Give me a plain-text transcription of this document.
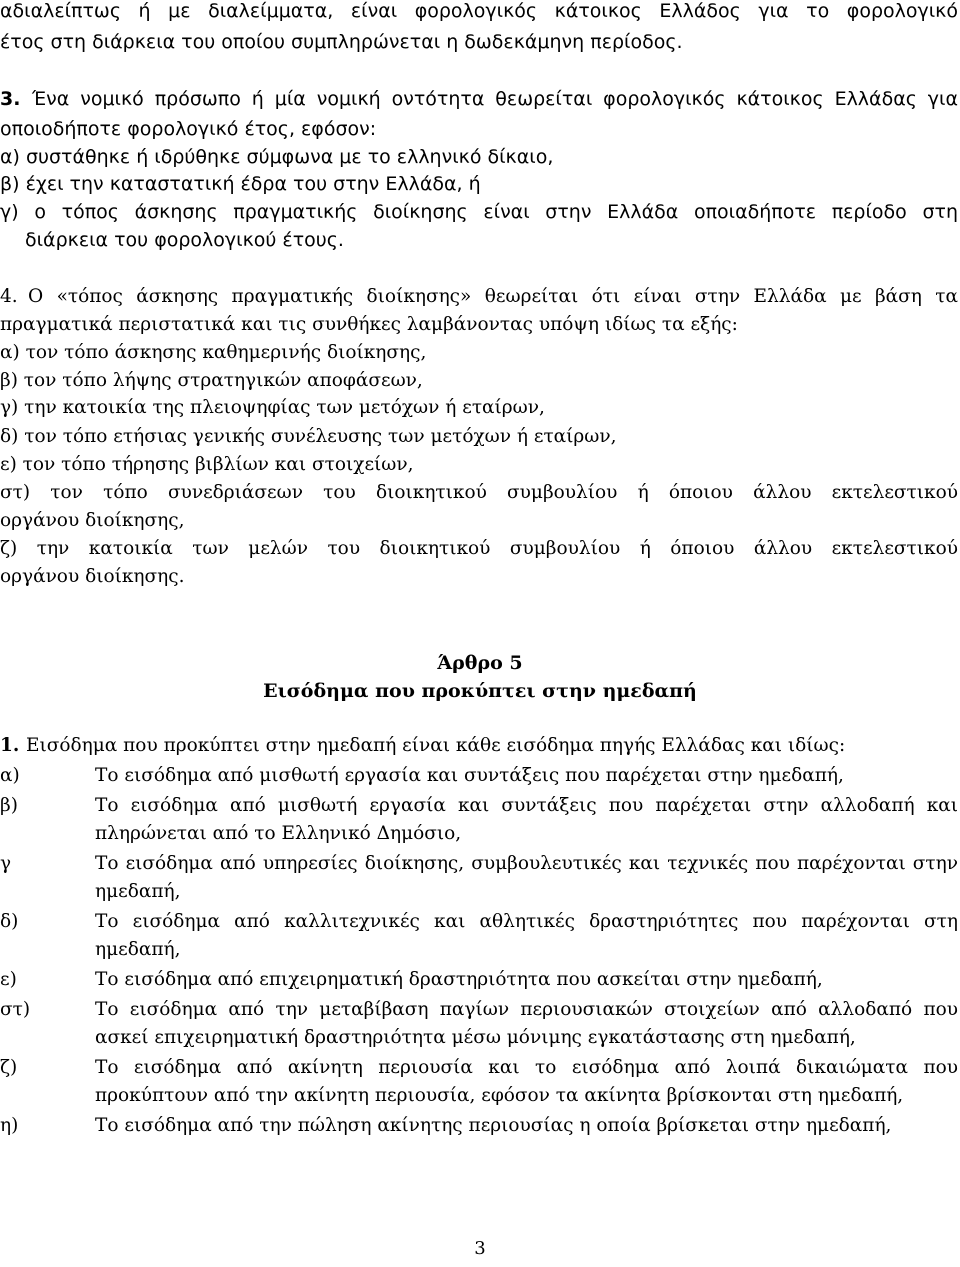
αδιαλείπτως ή με διαλείμματα, είναι φορολογικός κάτοικος Ελλάδος για το φορολογικό
έτος στη διάρκεια του οποίου συμπληρώνεται η δωδεκάμηνη περίοδος.
3. Ένα νομικό πρόσωπο ή μία νομική οντότητα θεωρείται φορολογικός κάτοικος Ελλάδας για
οποιοδήποτε φορολογικό έτος, εφόσον:
α) συστάθηκε ή ιδρύθηκε σύμφωνα με το ελληνικό δίκαιο,
β) έχει την καταστατική έδρα του στην Ελλάδα, ή
γ) ο τόπος άσκησης πραγματικής διοίκησης είναι στην Ελλάδα οποιαδήποτε περίοδο στη
διάρκεια του φορολογικού έτους.
4. Ο «τόπος άσκησης πραγματικής διοίκησης» θεωρείται ότι είναι στην Ελλάδα με βάση τα
πραγματικά περιστατικά και τις συνθήκες λαμβάνοντας υπόψη ιδίως τα εξής:
α) τον τόπο άσκησης καθημερινής διοίκησης,
β) τον τόπο λήψης στρατηγικών αποφάσεων,
γ) την κατοικία της πλειοψηφίας των μετόχων ή εταίρων,
δ) τον τόπο ετήσιας γενικής συνέλευσης των μετόχων ή εταίρων,
ε) τον τόπο τήρησης βιβλίων και στοιχείων,
στ) τον τόπο συνεδριάσεων του διοικητικού συμβουλίου ή όποιου άλλου εκτελεστικού
οργάνου διοίκησης,
ζ) την κατοικία των μελών του διοικητικού συμβουλίου ή όποιου άλλου εκτελεστικού
οργάνου διοίκησης.
Άρθρο 5
Εισόδημα που προκύπτει στην ημεδαπή
1. Εισόδημα που προκύπτει στην ημεδαπή είναι κάθε εισόδημα πηγής Ελλάδας και ιδίως:
α)	Το εισόδημα από μισθωτή εργασία και συντάξεις που παρέχεται στην ημεδαπή,
β)	Το εισόδημα από μισθωτή εργασία και συντάξεις που παρέχεται στην αλλοδαπή και πληρώνεται από το Ελληνικό Δημόσιο,
γ	Το εισόδημα από υπηρεσίες διοίκησης, συμβουλευτικές και τεχνικές που παρέχονται στην ημεδαπή,
δ)	Το εισόδημα από καλλιτεχνικές και αθλητικές δραστηριότητες που παρέχονται στη ημεδαπή,
ε)	Το εισόδημα από επιχειρηματική δραστηριότητα που ασκείται στην ημεδαπή,
στ)	Το εισόδημα από την μεταβίβαση παγίων περιουσιακών στοιχείων από αλλοδαπό που ασκεί επιχειρηματική δραστηριότητα μέσω μόνιμης εγκατάστασης στη ημεδαπή,
ζ)	Το εισόδημα από ακίνητη περιουσία και το εισόδημα από λοιπά δικαιώματα που προκύπτουν από την ακίνητη περιουσία, εφόσον τα ακίνητα βρίσκονται στη ημεδαπή,
η)	Το εισόδημα από την πώληση ακίνητης περιουσίας η οποία βρίσκεται στην ημεδαπή,
3
